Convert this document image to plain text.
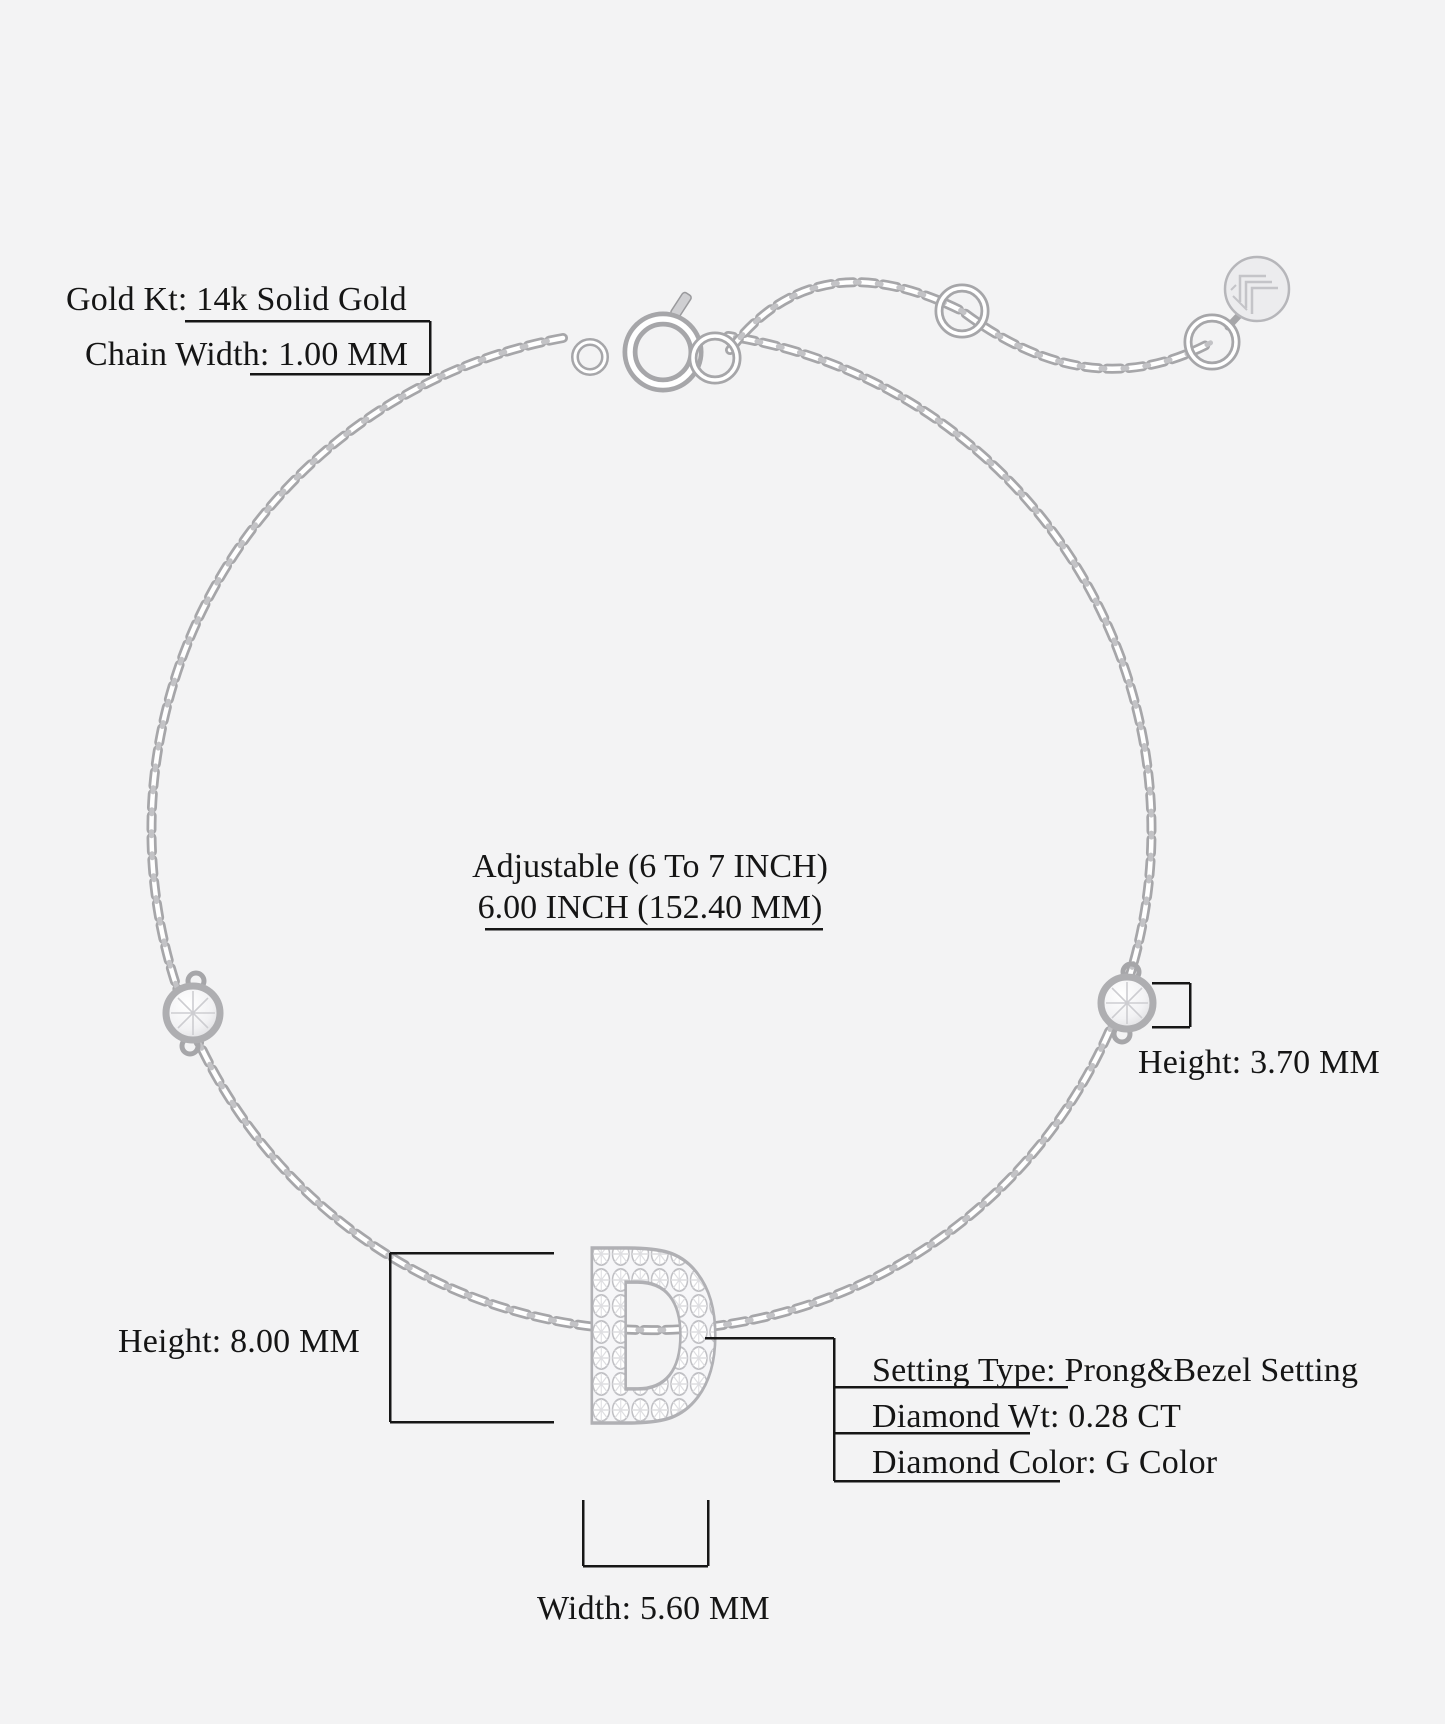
D
Gold Kt: 14k Solid Gold
Chain Width: 1.00 MM
Adjustable (6 To 7 INCH)
6.00 INCH (152.40 MM)
Height: 3.70 MM
Height: 8.00 MM
Setting Type: Prong&Bezel Setting
Diamond Wt: 0.28 CT
Diamond Color: G Color
Width: 5.60 MM
